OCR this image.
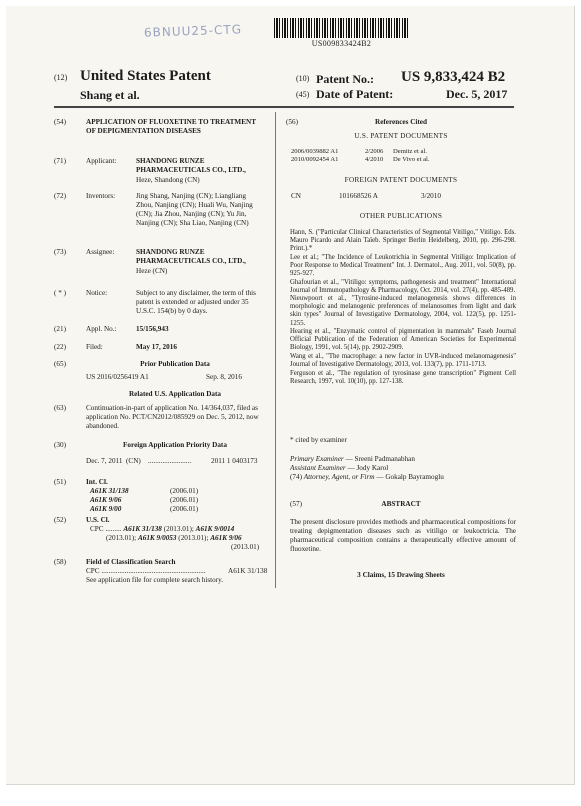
6BNUU25-CTG
US009833424B2
(12) United States Patent
Shang et al.
(10) Patent No.: US 9,833,424 B2
(45) Date of Patent:	Dec. 5, 2017
(54)	APPLICATION OF FLUOXETINE TO TREATMENT OF DEPIGMENTATION DISEASES
(71)	Applicant:	SHANDONG RUNZE PHARMACEUTICALS CO., LTD.,
Heze, Shandong (CN)
(72)	Inventors:	Jing Shang, Nanjing (CN); Liangliang Zhou, Nanjing (CN); Huali Wu, Nanjing (CN); Jia Zhou, Nanjing (CN); Yu Jin, Nanjing (CN); Sha Liao, Nanjing (CN)
(73)	Assignee:	SHANDONG RUNZE PHARMACEUTICALS CO., LTD.,
Heze (CN)
( * )	Notice:	Subject to any disclaimer, the term of this patent is extended or adjusted under 35 U.S.C. 154(b) by 0 days.
(21)	Appl. No.:	15/156,943
(22)	Filed:	May 17, 2016
(65)	Prior Publication Data
US 2016/0256419 A1	Sep. 8, 2016
Related U.S. Application Data
(63)	Continuation-in-part of application No. 14/364,037, filed as application No. PCT/CN2012/085929 on Dec. 5, 2012, now abandoned.
(30)	Foreign Application Priority Data
Dec. 7, 2011 (CN) ........................	2011 1 0403173
(51)	Int. Cl.
A61K 31/138	(2006.01)
A61K 9/06	(2006.01)
A61K 9/00	(2006.01)
(52)	U.S. Cl.
CPC ......... A61K 31/138 (2013.01); A61K 9/0014
(2013.01); A61K 9/0053 (2013.01); A61K 9/06
(2013.01)
(58)	Field of Classification Search
CPC ..........................................................	A61K 31/138
See application file for complete search history.
(56)	References Cited
U.S. PATENT DOCUMENTS
2006/0039882 A1	2/2006 Demitz et al.
2010/0092454 A1	4/2010 De Vivo et al.
FOREIGN PATENT DOCUMENTS
CN	101668526 A	3/2010
OTHER PUBLICATIONS
Hann, S. ("Particular Clinical Characteristics of Segmental Vitiligo," Vitiligo. Eds. Mauro Picardo and Alain Taïeb. Springer Berlin Heidelberg, 2010, pp. 296-298. Print.).*
Lee et al.; "The Incidence of Leukotrichia in Segmental Vitiligo: Implication of Poor Response to Medical Treatment" Int. J. Dermatol., Aug. 2011, vol. 50(8), pp. 925-927.
Ghafourian et al., "Vitiligo: symptoms, pathogenesis and treatment" International Journal of Immunopathology & Pharmacology, Oct. 2014, vol. 27(4), pp. 485-489.
Nieuwpoort et al., "Tyrosine-induced melanogenesis shows differences in morphologic and melanogenic preferences of melanosomes from light and dark skin types" Journal of Investigative Dermatology, 2004, vol. 122(5), pp. 1251-1255.
Hearing et al., "Enzymatic control of pigmentation in mammals" Faseb Journal Official Publication of the Federation of American Societies for Experimental Biology, 1991, vol. 5(14), pp. 2902-2909.
Wang et al., "The macrophage: a new factor in UVR-induced melanomagenesis" Journal of Investigative Dermatology, 2013, vol. 133(7), pp. 1711-1713.
Ferguson et al., "The regulation of tyrosinase gene transcription" Pigment Cell Research, 1997, vol. 10(10), pp. 127-138.
* cited by examiner
Primary Examiner — Sreeni Padmanabhan
Assistant Examiner — Jody Karol
(74) Attorney, Agent, or Firm — Gokalp Bayramoglu
(57)	ABSTRACT
The present disclosure provides methods and pharmaceutical compositions for treating depigmentation diseases such as vitiligo or leukoctricia. The pharmaceutical composition contains a therapeutically effective amount of fluoxetine.
3 Claims, 15 Drawing Sheets
